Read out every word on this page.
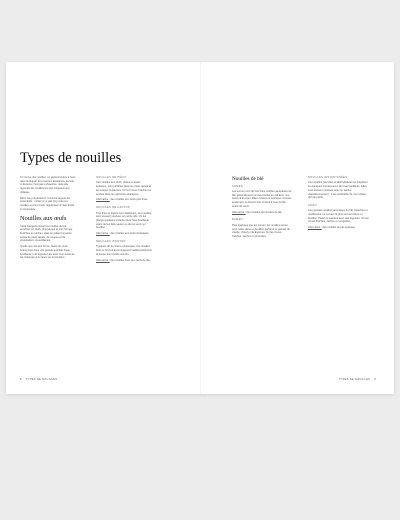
Types de nouilles

On trouve des nouilles, en général cuites à l'eau, dans la plupart des cuisines asiatiques. La liste ci-dessous n'est pas exhaustive, mais elle regroupe les nouilles les plus fréquemment utilisées.

Dans ces préparations, la bonne texture est essentielle : veillez à ne pas trop cuire les nouilles et à les rincer rapidement à l'eau froide si nécessaire.

Nouilles aux œufs

Cette catégorie réunit les nouilles de blé enrichies en œufs, plus jaunes et plus fermes. Fraîches ou sèches, elles se prêtent à toutes sortes de plats sautés, de soupes et de préparations croustillantes.

Quelle que soit leur forme, faites-les cuire brièvement dans une grande quantité d'eau bouillante, puis égouttez-les avec soin avant de les mélanger à la sauce ou au bouillon.

NOUILLES DE PÉKIN

Ces nouilles aux œufs, plates et assez épaisses, sont parfaites dans les plats sautés et les soupes copieuses. On les trouve fraîches ou sèches dans les épiceries asiatiques.

Alternative : des nouilles aux œufs plus fines.

NOUILLES DE CANTON

Très fines et légèrement élastiques, ces nouilles sont souvent vendues en petits nids. On les plonge quelques instants dans l'eau bouillante avant de les faire sauter ou de les servir en bouillon.

Alternative : des nouilles aux œufs classiques.

NOUILLES WONTON

Typiques de la cuisine cantonaise, ces nouilles fines et fermes accompagnent traditionnellement la soupe aux raviolis wonton.

Alternative : des nouilles fines aux œufs de blé.

Nouilles de blé
SOMEN

Les somen sont de très fines nouilles japonaises de blé, généralement servies froides en été avec une sauce à tremper. Elles cuisent en quelques minutes seulement et doivent être rincées à l'eau froide avant de servir.

Alternative : des nouilles vermicelles de blé.

RAMEN

Plus épaisses que les somen, les nouilles ramen sont cuites dans un bouillon parfumé et garnies de viande, d'œuf et de légumes. On les trouve fraîches, sèches ou précuites.

NOUILLES INSTANTANÉES

Ces nouilles précuites et déshydratées se préparent en quelques minutes avec de l'eau bouillante. Elles sont souvent vendues avec un sachet d'assaisonnement ; il est préférable de n'en utiliser qu'une partie.

UDON

Ces grosses nouilles japonaises de blé, blanches et moelleuses, se servent le plus souvent dans un bouillon chaud ou sautées avec des légumes. On les trouve fraîches, sèches ou surgelées.

Alternative : des nouilles de blé épaisses.

8 TYPES DE NOUILLES	TYPES DE NOUILLES 9
